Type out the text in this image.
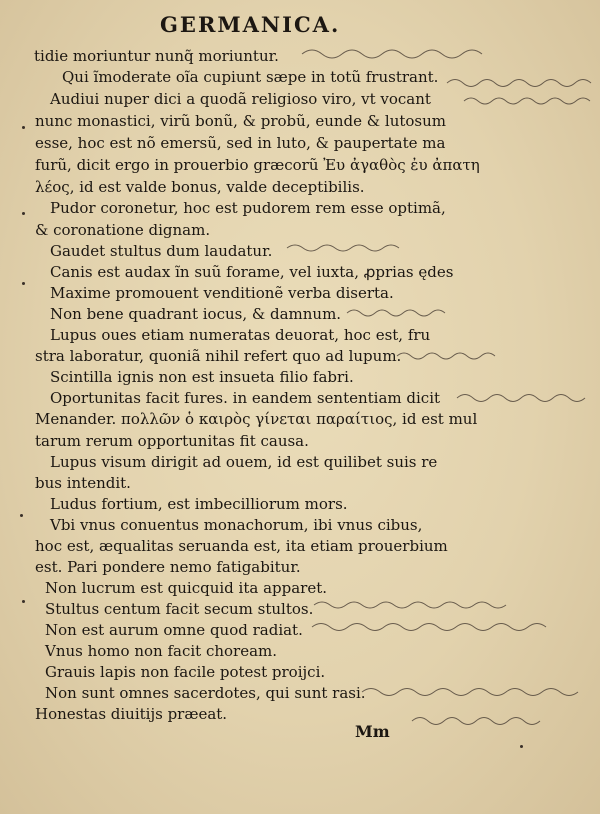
GERMANICA.
tidie moriuntur nunq̃ moriuntur.
Qui ĩmoderate oĩa cupiunt sæpe in totũ frustrant.
Audiui nuper dici a quodã religioso viro, vt vocant
nunc monastici, virũ bonũ, & probũ, eunde & lutosum
esse, hoc est nõ emersũ, sed in luto, & paupertate ma
furũ, dicit ergo in prouerbio græcorũ Ἐυ ἀγαθὸς ἐυ ἀπατη
λέος, id est valde bonus, valde deceptibilis.
Pudor coronetur, hoc est pudorem rem esse optimã,
& coronatione dignam.
Gaudet stultus dum laudatur.
Canis est audax ĩn suũ forame, vel iuxta, ꝓprias ędes
Maxime promouent venditionẽ verba diserta.
Non bene quadrant iocus, & damnum.
Lupus oues etiam numeratas deuorat, hoc est, fru
stra laboratur, quoniã nihil refert quo ad lupum.
Scintilla ignis non est insueta filio fabri.
Oportunitas facit fures. in eandem sententiam dicit
Menander. πολλῶν ὁ καιρὸς γίνεται παραίτιος, id est mul
tarum rerum opportunitas fit causa.
Lupus visum dirigit ad ouem, id est quilibet suis re
bus intendit.
Ludus fortium, est imbecilliorum mors.
Vbi vnus conuentus monachorum, ibi vnus cibus,
hoc est, æqualitas seruanda est, ita etiam prouerbium
est. Pari pondere nemo fatigabitur.
Non lucrum est quicquid ita apparet.
Stultus centum facit secum stultos.
Non est aurum omne quod radiat.
Vnus homo non facit choream.
Grauis lapis non facile potest proijci.
Non sunt omnes sacerdotes, qui sunt rasi.
Honestas diuitijs præeat.
Mm
